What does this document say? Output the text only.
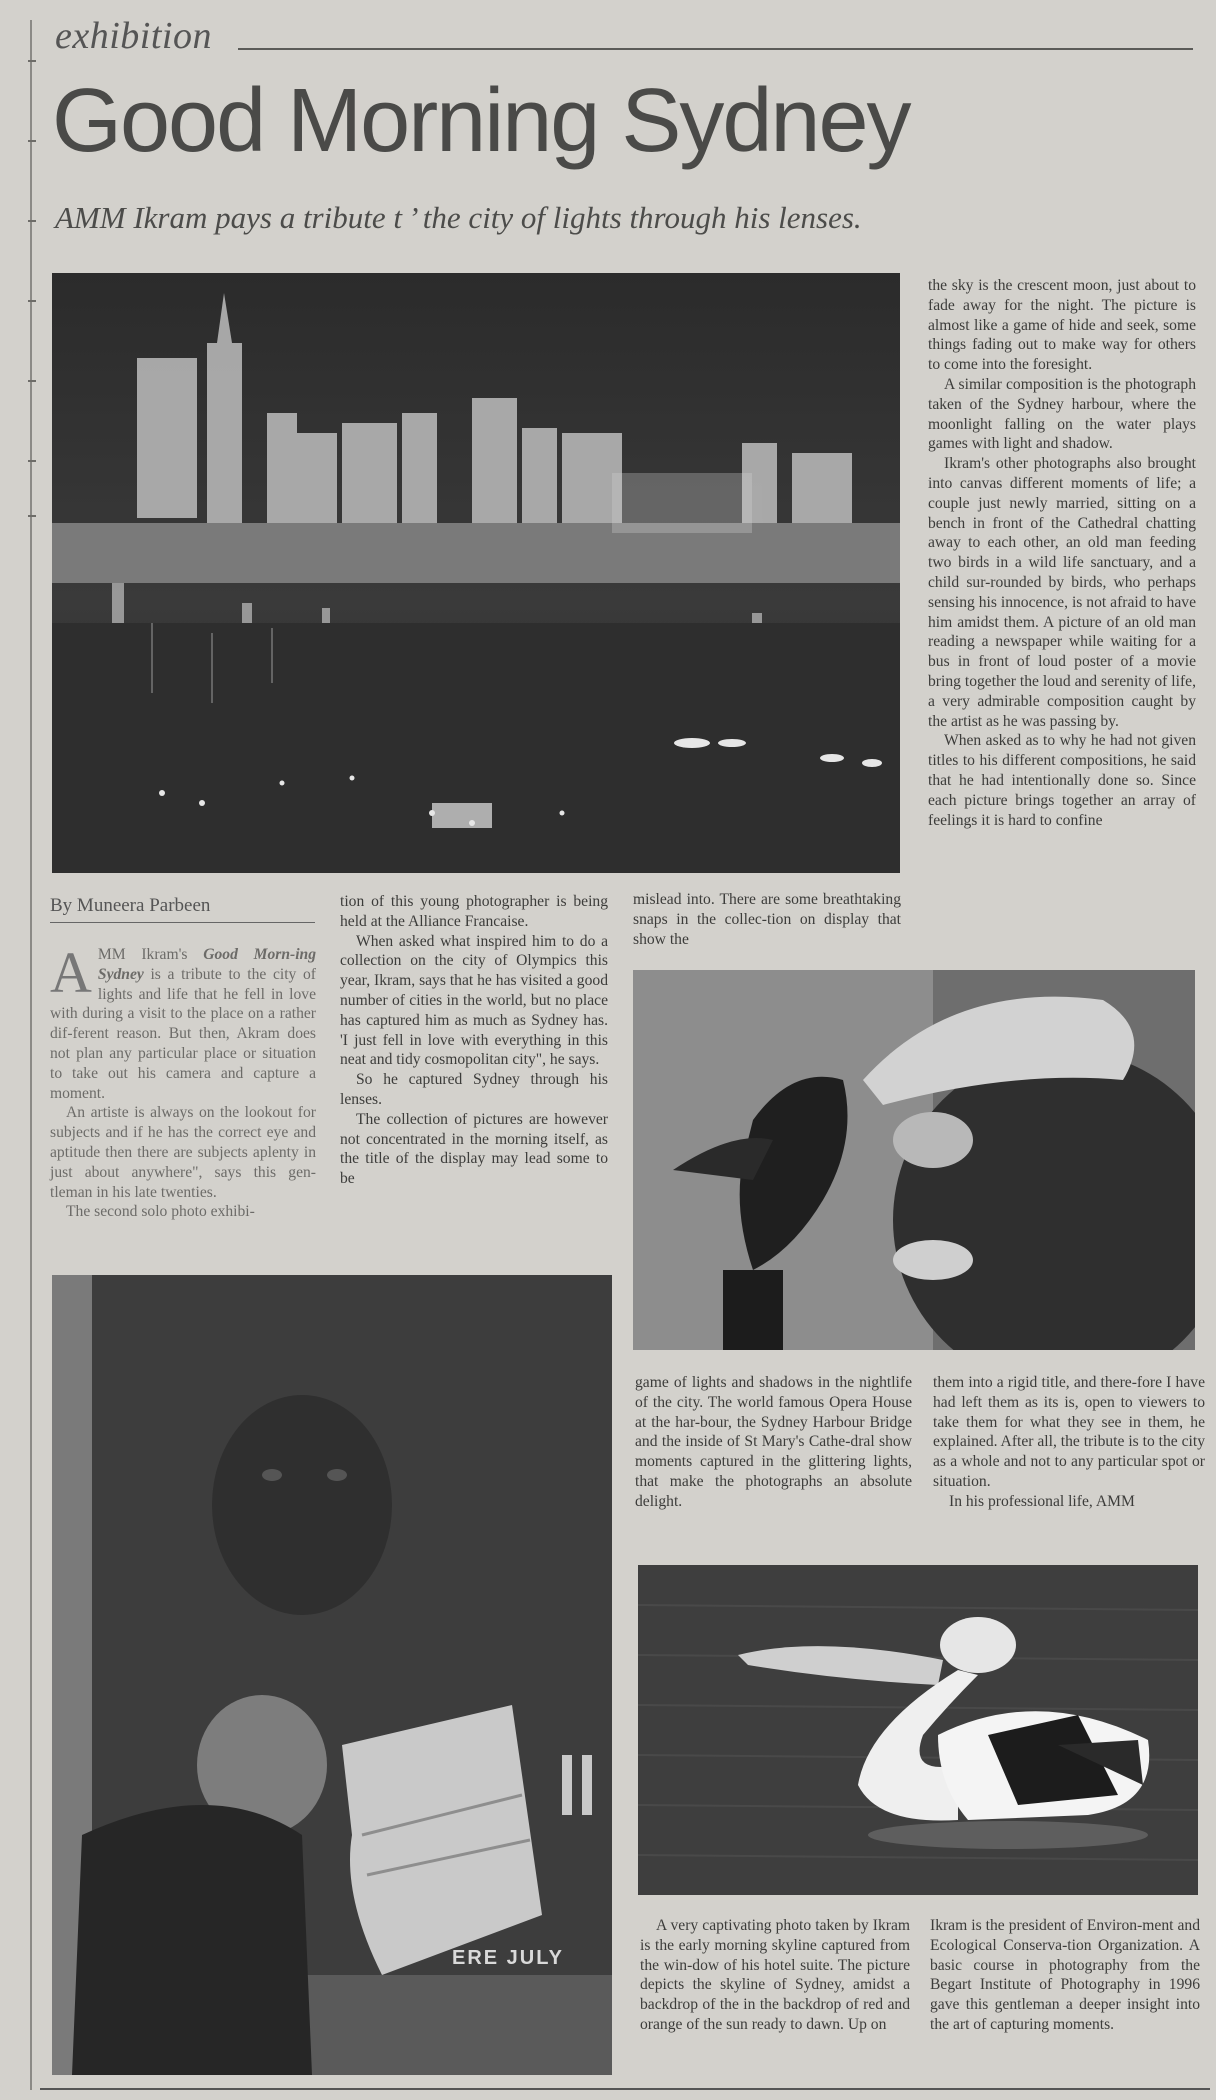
exhibition
Good Morning Sydney
AMM Ikram pays a tribute t ’ the city of lights through his lenses.

the sky is the crescent moon, just about to fade away for the night. The picture is almost like a game of hide and seek, some things fading out to make way for others to come into the foresight.

A similar composition is the photograph taken of the Sydney harbour, where the moonlight falling on the water plays games with light and shadow.

Ikram's other photographs also brought into canvas different moments of life; a couple just newly married, sitting on a bench in front of the Cathedral chatting away to each other, an old man feeding two birds in a wild life sanctuary, and a child sur-rounded by birds, who perhaps sensing his innocence, is not afraid to have him amidst them. A picture of an old man reading a newspaper while waiting for a bus in front of loud poster of a movie bring together the loud and serenity of life, a very admirable composition caught by the artist as he was passing by.

When asked as to why he had not given titles to his different compositions, he said that he had intentionally done so. Since each picture brings together an array of feelings it is hard to confine

By Muneera Parbeen

AMM Ikram's Good Morn-ing Sydney is a tribute to the city of lights and life that he fell in love with during a visit to the place on a rather dif-ferent reason. But then, Akram does not plan any particular place or situation to take out his camera and capture a moment.

An artiste is always on the lookout for subjects and if he has the correct eye and aptitude then there are subjects aplenty in just about anywhere", says this gen-tleman in his late twenties.

The second solo photo exhibi-

tion of this young photographer is being held at the Alliance Francaise.

When asked what inspired him to do a collection on the city of Olympics this year, Ikram, says that he has visited a good number of cities in the world, but no place has captured him as much as Sydney has. 'I just fell in love with everything in this neat and tidy cosmopolitan city", he says.

So he captured Sydney through his lenses.

The collection of pictures are however not concentrated in the morning itself, as the title of the display may lead some to be

mislead into. There are some breathtaking snaps in the collec-tion on display that show the

game of lights and shadows in the nightlife of the city. The world famous Opera House at the har-bour, the Sydney Harbour Bridge and the inside of St Mary's Cathe-dral show moments captured in the glittering lights, that make the photographs an absolute delight.

them into a rigid title, and there-fore I have had left them as its is, open to viewers to take them for what they see in them, he explained. After all, the tribute is to the city as a whole and not to any particular spot or situation.

In his professional life, AMM

ERE JULY

A very captivating photo taken by Ikram is the early morning skyline captured from the win-dow of his hotel suite. The picture depicts the skyline of Sydney, amidst a backdrop of the in the backdrop of red and orange of the sun ready to dawn. Up on

Ikram is the president of Environ-ment and Ecological Conserva-tion Organization. A basic course in photography from the Begart Institute of Photography in 1996 gave this gentleman a deeper insight into the art of capturing moments.
